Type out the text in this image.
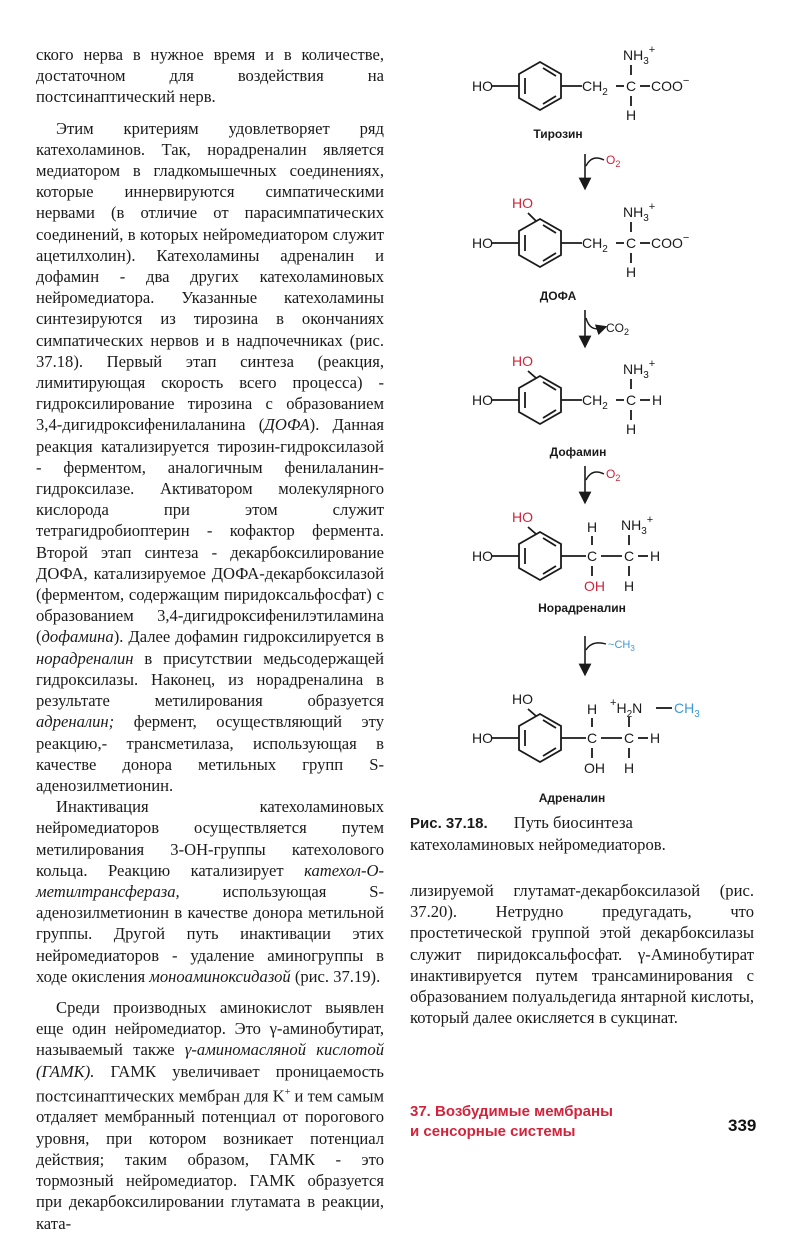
ского нерва в нужное время и в количестве, достаточном для воздействия на постсинаптический нерв.

Этим критериям удовлетворяет ряд катехоламинов. Так, норадреналин является медиатором в гладкомышечных соединениях, которые иннервируются симпатическими нервами (в отличие от парасимпатических соединений, в которых нейромедиатором служит ацетилхолин). Катехоламины адреналин и дофамин - два других катехоламиновых нейромедиатора. Указанные катехоламины синтезируются из тирозина в окончаниях симпатических нервов и в надпочечниках (рис. 37.18). Первый этап синтеза (реакция, лимитирующая скорость всего процесса) - гидроксилирование тирозина с образованием 3,4-дигидроксифенилаланина (ДОФА). Данная реакция катализируется тирозин-гидроксилазой - ферментом, аналогичным фенилаланин-гидроксилазе. Активатором молекулярного кислорода при этом служит тетрагидробиоптерин - кофактор фермента. Второй этап синтеза - декарбоксилирование ДОФА, катализируемое ДОФА-декарбоксилазой (ферментом, содержащим пиридоксальфосфат) с образованием 3,4-дигидроксифенилэтиламина (дофамина). Далее дофамин гидроксилируется в норадреналин в присутствии медьсодержащей гидроксилазы. Наконец, из норадреналина в результате метилирования образуется адреналин; фермент, осуществляющий эту реакцию,- трансметилаза, использующая в качестве донора метильных групп S-аденозилметионин.

Инактивация катехоламиновых нейромедиаторов осуществляется путем метилирования 3-ОН-группы катехолового кольца. Реакцию катализирует катехол-О-метилтрансфераза, использующая S-аденозилметионин в качестве донора метильной группы. Другой путь инактивации этих нейромедиаторов - удаление аминогруппы в ходе окисления моноаминоксидазой (рис. 37.19).

Среди производных аминокислот выявлен еще один нейромедиатор. Это γ-аминобутират, называемый также γ-аминомасляной кислотой (ГАМК). ГАМК увеличивает проницаемость постсинаптических мембран для K+ и тем самым отдаляет мембранный потенциал от порогового уровня, при котором возникает потенциал действия; таким образом, ГАМК - это тормозный нейромедиатор. ГАМК образуется при декарбоксилировании глутамата в реакции, ката-

HO	$CH_2$ C COO−
$NH_3^+$
H
Тирозин
$O_2$
HO
HO	$CH_2$ C COO−
$NH_3^+$
H
ДОФА
$CO_2$
HO
HO	$CH_2$ C H
$NH_3^+$
H
Дофамин
$O_2$
HO
HO	C
H
OH
C H
$NH_3^+$
H
Норадреналин
$\sim CH_3$
HO
HO	C
H
OH
C H
$^+H_2N$ $CH_3$
H
Адреналин
Рис. 37.18. Путь биосинтеза катехоламиновых нейромедиаторов.

лизируемой глутамат-декарбоксилазой (рис. 37.20). Нетрудно предугадать, что простетической группой этой декарбоксилазы служит пиридоксальфосфат. γ-Аминобутират инактивируется путем трансаминирования с образованием полуальдегида янтарной кислоты, который далее окисляется в сукцинат.

37. Возбудимые мембраны
и сенсорные системы	339
